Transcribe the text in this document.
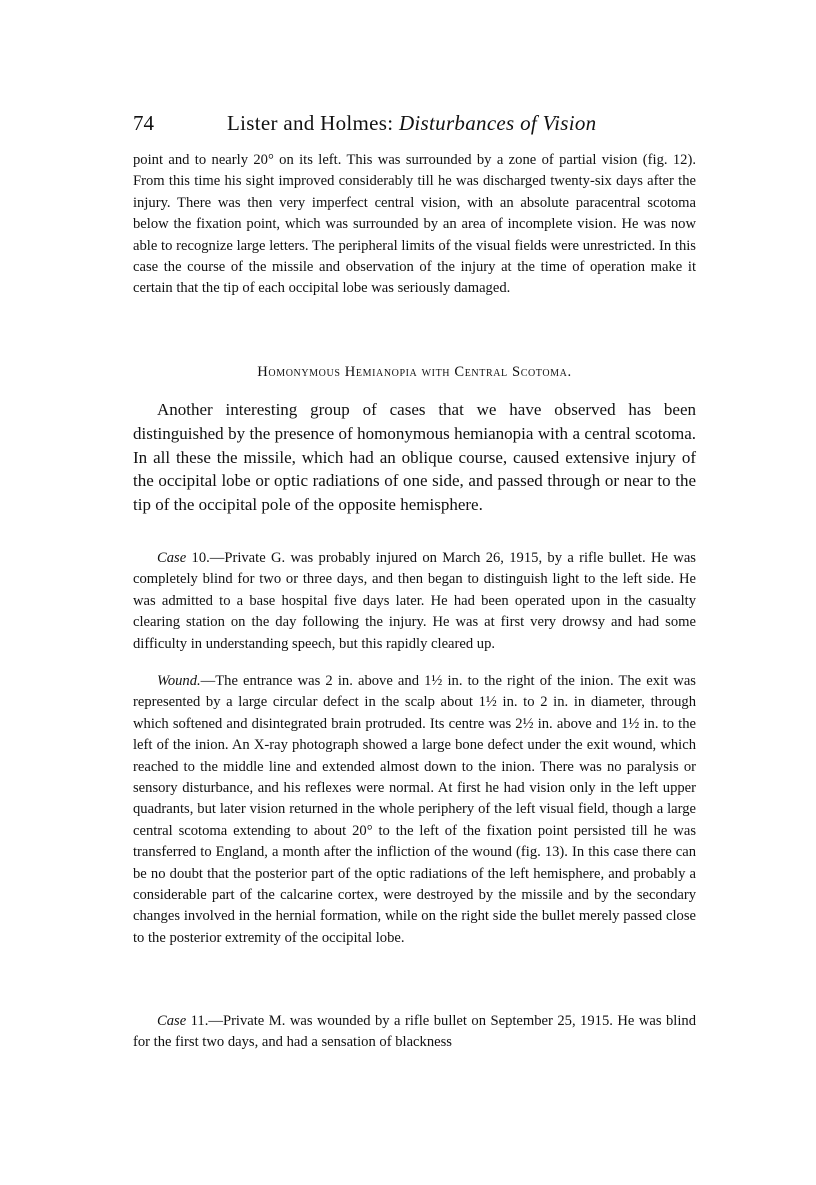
74	Lister and Holmes: Disturbances of Vision

point and to nearly 20° on its left. This was surrounded by a zone of partial vision (fig. 12). From this time his sight improved considerably till he was discharged twenty-six days after the injury. There was then very imperfect central vision, with an absolute paracentral scotoma below the fixation point, which was surrounded by an area of incomplete vision. He was now able to recognize large letters. The peripheral limits of the visual fields were unrestricted. In this case the course of the missile and observation of the injury at the time of operation make it certain that the tip of each occipital lobe was seriously damaged.

Homonymous Hemianopia with Central Scotoma.

Another interesting group of cases that we have observed has been distinguished by the presence of homonymous hemianopia with a central scotoma. In all these the missile, which had an oblique course, caused extensive injury of the occipital lobe or optic radiations of one side, and passed through or near to the tip of the occipital pole of the opposite hemisphere.

Case 10.—Private G. was probably injured on March 26, 1915, by a rifle bullet. He was completely blind for two or three days, and then began to distinguish light to the left side. He was admitted to a base hospital five days later. He had been operated upon in the casualty clearing station on the day following the injury. He was at first very drowsy and had some difficulty in understanding speech, but this rapidly cleared up.

Wound.—The entrance was 2 in. above and 1½ in. to the right of the inion. The exit was represented by a large circular defect in the scalp about 1½ in. to 2 in. in diameter, through which softened and disintegrated brain protruded. Its centre was 2½ in. above and 1½ in. to the left of the inion. An X-ray photograph showed a large bone defect under the exit wound, which reached to the middle line and extended almost down to the inion. There was no paralysis or sensory disturbance, and his reflexes were normal. At first he had vision only in the left upper quadrants, but later vision returned in the whole periphery of the left visual field, though a large central scotoma extending to about 20° to the left of the fixation point persisted till he was transferred to England, a month after the infliction of the wound (fig. 13). In this case there can be no doubt that the posterior part of the optic radiations of the left hemisphere, and probably a considerable part of the calcarine cortex, were destroyed by the missile and by the secondary changes involved in the hernial formation, while on the right side the bullet merely passed close to the posterior extremity of the occipital lobe.

Case 11.—Private M. was wounded by a rifle bullet on September 25, 1915. He was blind for the first two days, and had a sensation of blackness
